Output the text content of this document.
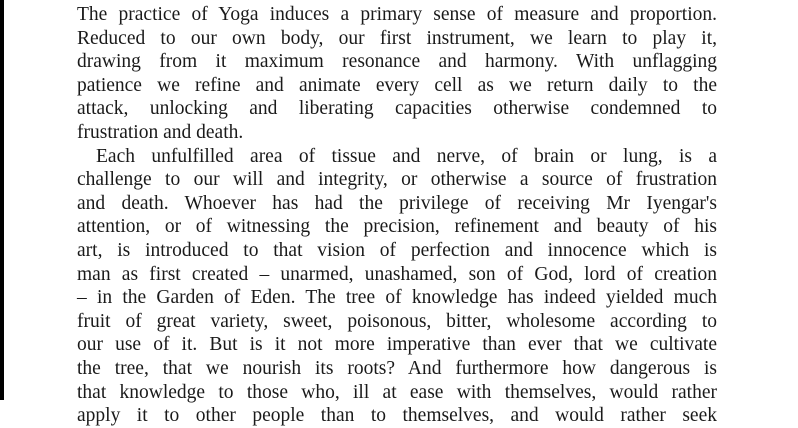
The practice of Yoga induces a primary sense of measure and proportion.
Reduced to our own body, our first instrument, we learn to play it,
drawing from it maximum resonance and harmony. With unflagging
patience we refine and animate every cell as we return daily to the
attack, unlocking and liberating capacities otherwise condemned to
frustration and death.
Each unfulfilled area of tissue and nerve, of brain or lung, is a
challenge to our will and integrity, or otherwise a source of frustration
and death. Whoever has had the privilege of receiving Mr Iyengar's
attention, or of witnessing the precision, refinement and beauty of his
art, is introduced to that vision of perfection and innocence which is
man as first created – unarmed, unashamed, son of God, lord of creation
– in the Garden of Eden. The tree of knowledge has indeed yielded much
fruit of great variety, sweet, poisonous, bitter, wholesome according to
our use of it. But is it not more imperative than ever that we cultivate
the tree, that we nourish its roots? And furthermore how dangerous is
that knowledge to those who, ill at ease with themselves, would rather
apply it to other people than to themselves, and would rather seek
